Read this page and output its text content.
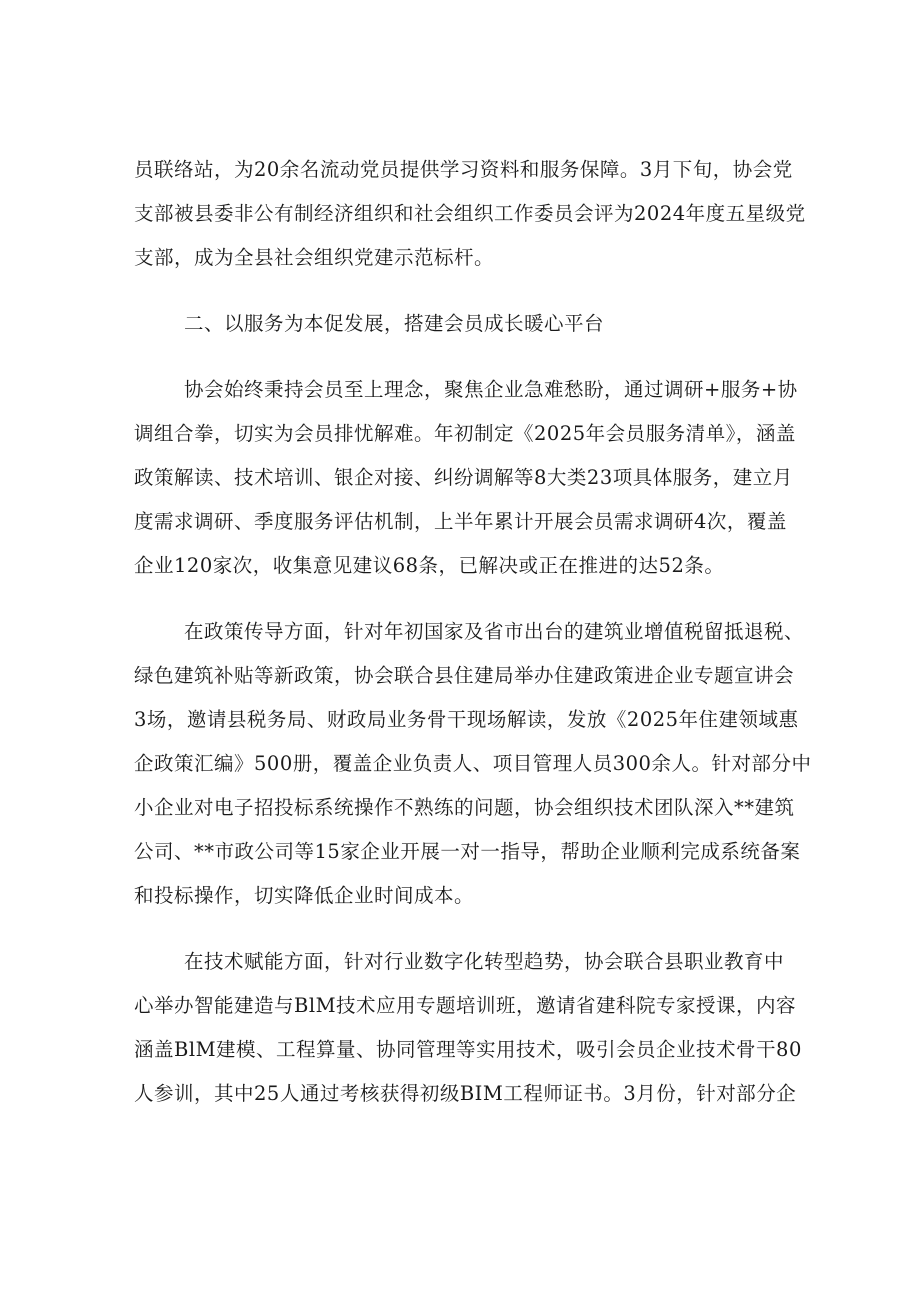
员联络站，为20余名流动党员提供学习资料和服务保障。3月下旬，协会党

支部被县委非公有制经济组织和社会组织工作委员会评为2024年度五星级党

支部，成为全县社会组织党建示范标杆。

二、以服务为本促发展，搭建会员成长暖心平台

协会始终秉持会员至上理念，聚焦企业急难愁盼，通过调研+服务+协

调组合拳，切实为会员排忧解难。年初制定《2025年会员服务清单》，涵盖

政策解读、技术培训、银企对接、纠纷调解等8大类23项具体服务，建立月

度需求调研、季度服务评估机制，上半年累计开展会员需求调研4次，覆盖

企业120家次，收集意见建议68条，已解决或正在推进的达52条。

在政策传导方面，针对年初国家及省市出台的建筑业增值税留抵退税、

绿色建筑补贴等新政策，协会联合县住建局举办住建政策进企业专题宣讲会

3场，邀请县税务局、财政局业务骨干现场解读，发放《2025年住建领域惠

企政策汇编》500册，覆盖企业负责人、项目管理人员300余人。针对部分中

小企业对电子招投标系统操作不熟练的问题，协会组织技术团队深入**建筑

公司、**市政公司等15家企业开展一对一指导，帮助企业顺利完成系统备案

和投标操作，切实降低企业时间成本。

在技术赋能方面，针对行业数字化转型趋势，协会联合县职业教育中

心举办智能建造与BlM技术应用专题培训班，邀请省建科院专家授课，内容

涵盖BlM建模、工程算量、协同管理等实用技术，吸引会员企业技术骨干80

人参训，其中25人通过考核获得初级BIM工程师证书。3月份，针对部分企
